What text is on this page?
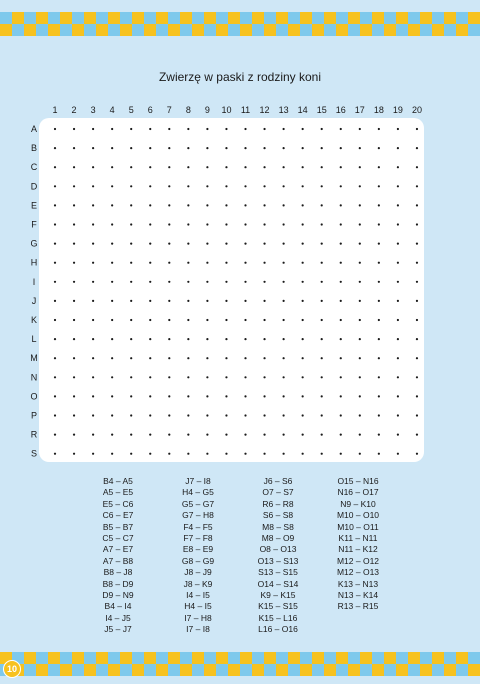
Zwierzę w paski z rodziny koni
1 2 3 4 5 6 7 8 9 10 11 12 13 14 15 16 17 18 19 20
A
B
C
D
E
F
G
H
I
J
K
L
M
N
O
P
R
S
B4 – A5
A5 – E5
E5 – C6
C6 – E7
B5 – B7
C5 – C7
A7 – E7
A7 – B8
B8 – J8
B8 – D9
D9 – N9
B4 – I4
I4 – J5
J5 – J7
J7 – I8
H4 – G5
G5 – G7
G7 – H8
F4 – F5
F7 – F8
E8 – E9
G8 – G9
J8 – J9
J8 – K9
I4 – I5
H4 – I5
I7 – H8
I7 – I8
J6 – S6
O7 – S7
R6 – R8
S6 – S8
M8 – S8
M8 – O9
O8 – O13
O13 – S13
S13 – S15
O14 – S14
K9 – K15
K15 – S15
K15 – L16
L16 – O16
O15 – N16
N16 – O17
N9 – K10
M10 – O10
M10 – O11
K11 – N11
N11 – K12
M12 – O12
M12 – O13
K13 – N13
N13 – K14
R13 – R15
10
